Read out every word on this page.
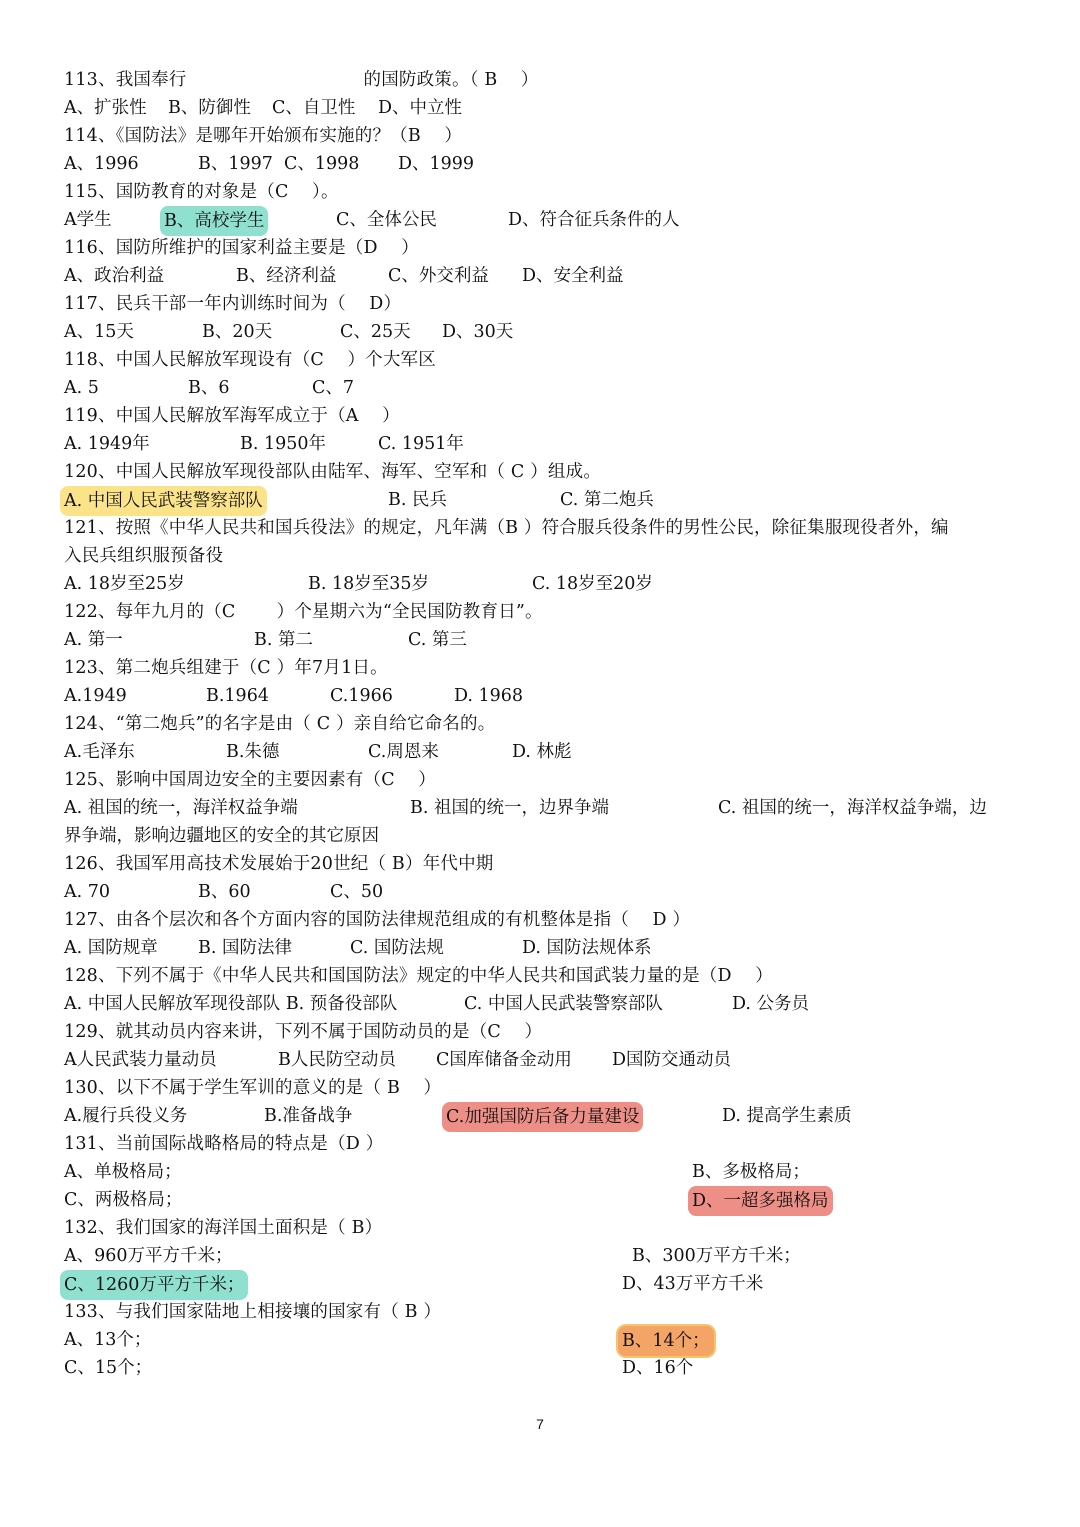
113、我国奉行　　　　　　　　　　的国防政策。（ B　 ）
A、扩张性 B、防御性 C、自卫性 D、中立性
114、《国防法》是哪年开始颁布实施的？（B　 ）
A、1996	B、1997 C、1998 D、1999
115、国防教育的对象是（C　 ）。
A学生	B、高校学生	C、全体公民	D、符合征兵条件的人
116、国防所维护的国家利益主要是（D　 ）
A、政治利益	B、经济利益	C、外交利益 D、安全利益
117、民兵干部一年内训练时间为（　 D）
A、15天	B、20天	C、25天 D、30天
118、中国人民解放军现设有（C　 ）个大军区
A. 5	B、6	C、7
119、中国人民解放军海军成立于（A　 ）
A. 1949年	B. 1950年	C. 1951年
120、中国人民解放军现役部队由陆军、海军、空军和（ C ）组成。
A. 中国人民武装警察部队	B. 民兵	C. 第二炮兵
121、按照《中华人民共和国兵役法》的规定，凡年满（B ）符合服兵役条件的男性公民，除征集服现役者外，编
入民兵组织服预备役
A. 18岁至25岁	B. 18岁至35岁	C. 18岁至20岁
122、每年九月的（C　　 ）个星期六为“全民国防教育日”。
A. 第一	B. 第二	C. 第三
123、第二炮兵组建于（C ）年7月1日。
A.1949	B.1964	C.1966	D. 1968
124、“第二炮兵”的名字是由（ C ）亲自给它命名的。
A.毛泽东	B.朱德	C.周恩来	D. 林彪
125、影响中国周边安全的主要因素有（C　 ）
A. 祖国的统一，海洋权益争端	B. 祖国的统一，边界争端	C. 祖国的统一，海洋权益争端，边
界争端，影响边疆地区的安全的其它原因
126、我国军用高技术发展始于20世纪（ B）年代中期
A. 70	B、60	C、50
127、由各个层次和各个方面内容的国防法律规范组成的有机整体是指（　 D ）
A. 国防规章 B. 国防法律	C. 国防法规	D. 国防法规体系
128、下列不属于《中华人民共和国国防法》规定的中华人民共和国武装力量的是（D　 ）
A. 中国人民解放军现役部队 B. 预备役部队	C. 中国人民武装警察部队	D. 公务员
129、就其动员内容来讲，下列不属于国防动员的是（C　 ）
A人民武装力量动员	B人民防空动员 C国库储备金动用 D国防交通动员
130、以下不属于学生军训的意义的是（ B　 ）
A.履行兵役义务	B.准备战争	C.加强国防后备力量建设	D. 提高学生素质
131、当前国际战略格局的特点是（D ）
A、单极格局；	B、多极格局；
C、两极格局；	D、一超多强格局
132、我们国家的海洋国土面积是（ B）
A、960万平方千米；	B、300万平方千米；
C、1260万平方千米；	D、43万平方千米
133、与我们国家陆地上相接壤的国家有（ B ）
A、13个；	B、14个；
C、15个；	D、16个
7
